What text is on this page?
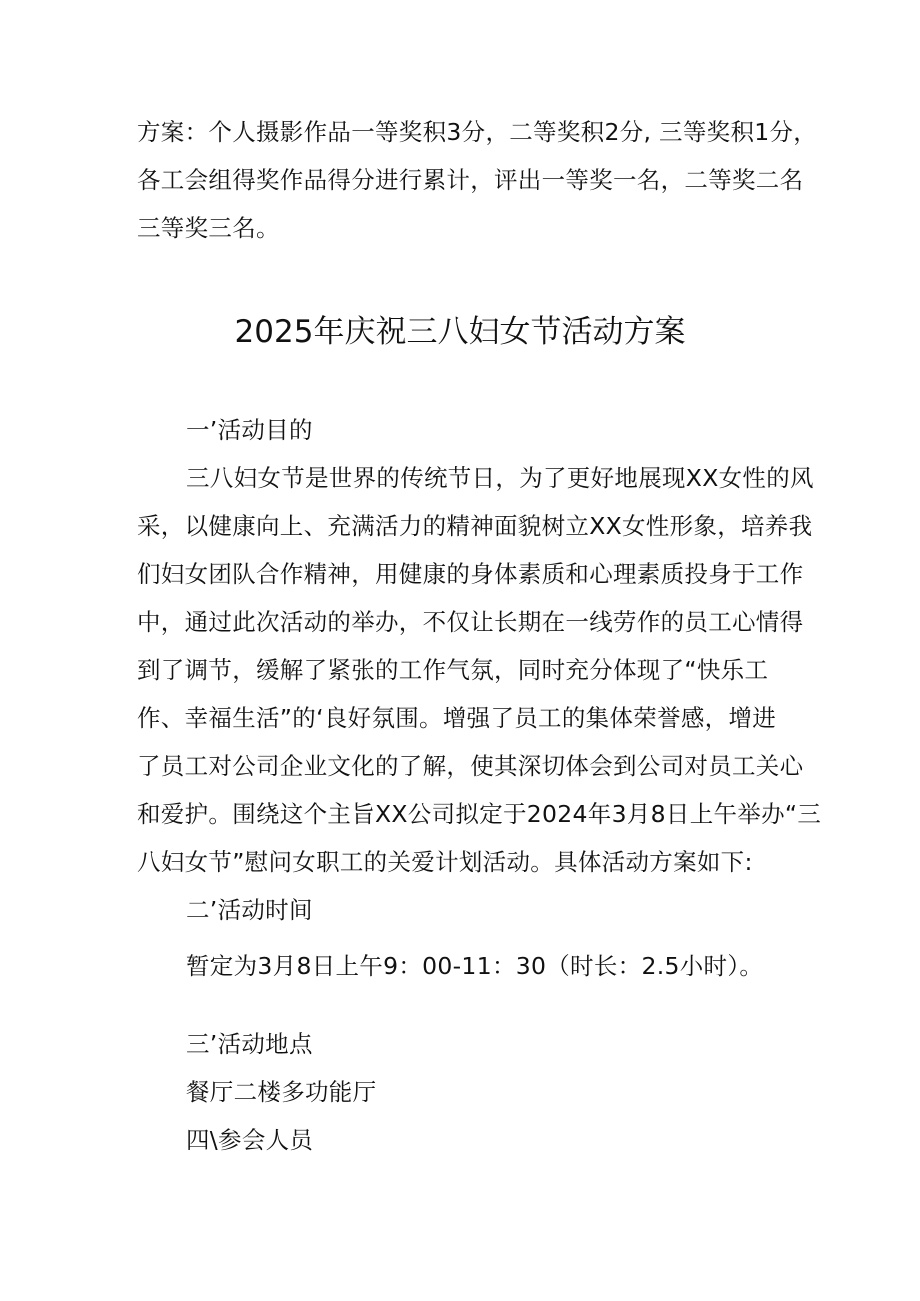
方案：个人摄影作品一等奖积3分，二等奖积2分, 三等奖积1分，
各工会组得奖作品得分进行累计，评出一等奖一名，二等奖二名
三等奖三名。
2025年庆祝三八妇女节活动方案
一’活动目的
三八妇女节是世界的传统节日，为了更好地展现XX女性的风
采，以健康向上、充满活力的精神面貌树立XX女性形象，培养我
们妇女团队合作精神，用健康的身体素质和心理素质投身于工作
中，通过此次活动的举办，不仅让长期在一线劳作的员工心情得
到了调节，缓解了紧张的工作气氛，同时充分体现了“快乐工
作、幸福生活”的‘良好氛围。增强了员工的集体荣誉感，增进
了员工对公司企业文化的了解，使其深切体会到公司对员工关心
和爱护。围绕这个主旨XX公司拟定于2024年3月8日上午举办“三
八妇女节”慰问女职工的关爱计划活动。具体活动方案如下:
二’活动时间
暂定为3月8日上午9：00-11：30（时长：2.5小时）。
三’活动地点
餐厅二楼多功能厅
四\参会人员
